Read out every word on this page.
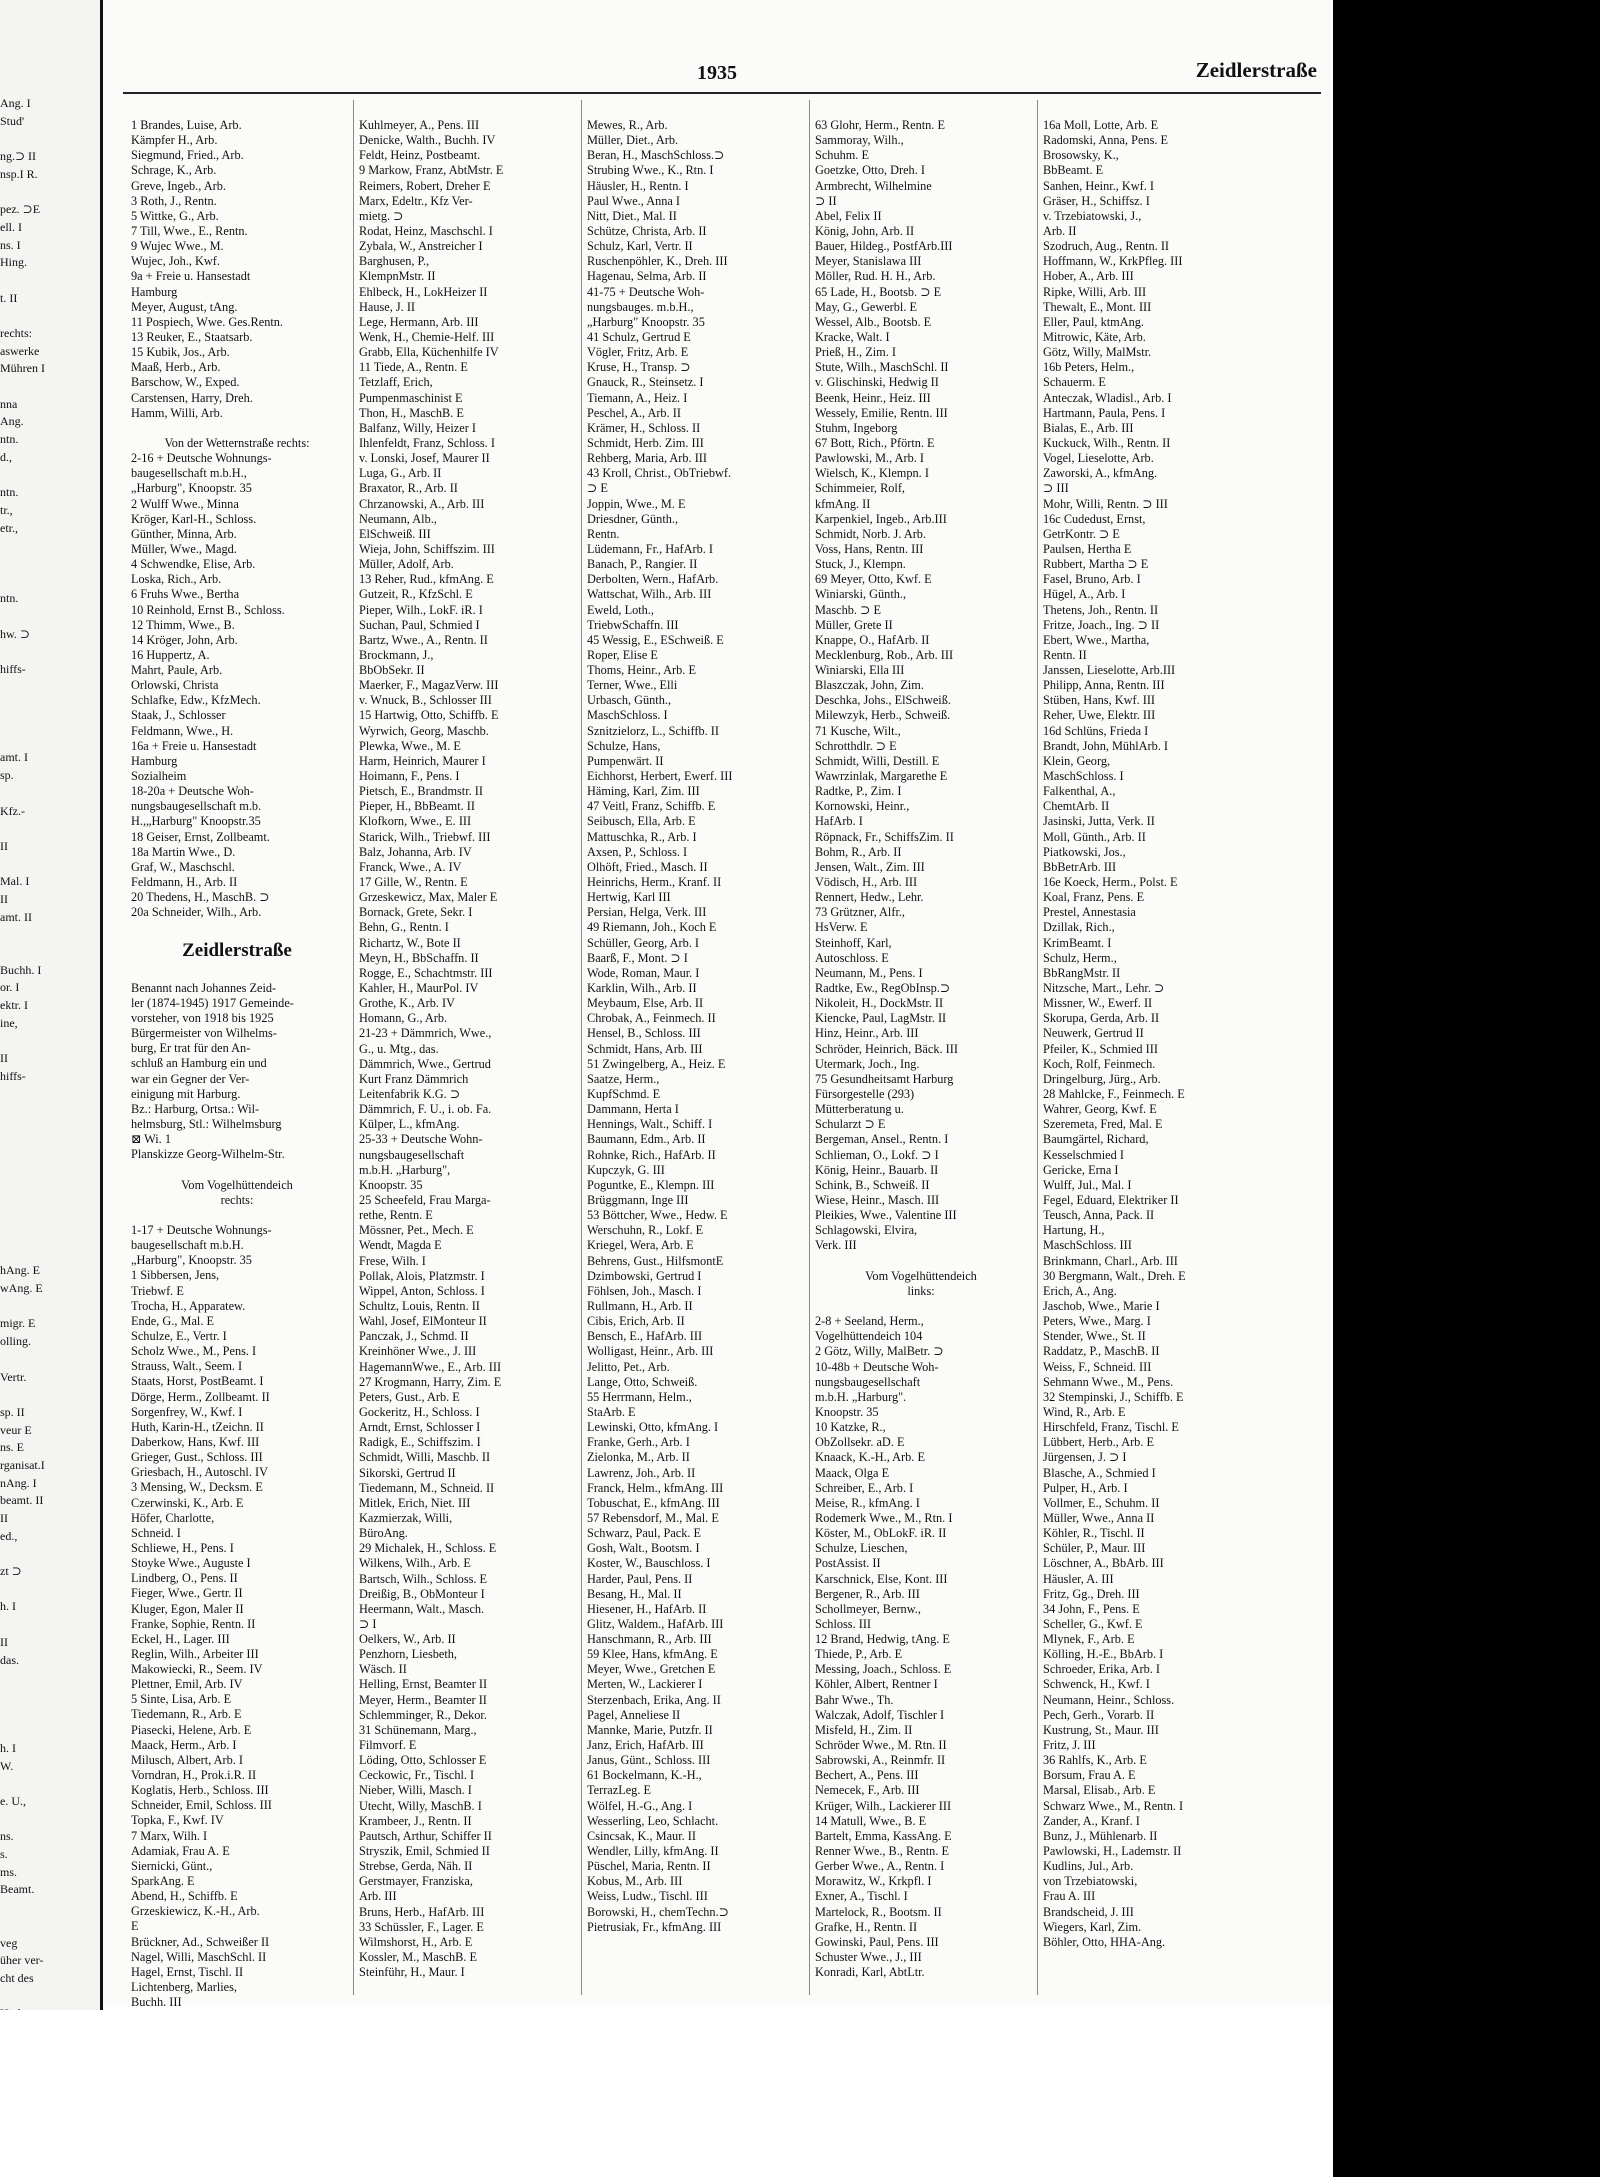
Ang. I
Stud'
ng.⊃ II
nsp.I R.
pez. ⊃E
ell. I
ns. I
Hing.
t. II
rechts:
aswerke
Mühren I
nna
Ang.
ntn.
d.,
ntn.
tr.,
etr.,
ntn.
hw. ⊃
hiffs-
amt. I
sp.
Kfz.-
II
Mal. I
II
amt. II
Buchh. I
or. I
ektr. I
ine,
II
hiffs-
hAng. E
wAng. E
migr. E
olling.
Vertr.
sp. II
veur E
ns. E
rganisat.I
nAng. I
beamt. II
II
ed.,
zt ⊃
h. I
II
das.
h. I
W.
e. U.,
ns.
s.
ms.
Beamt.
veg
üher ver-
cht des
1935	Zeidlerstraße
1 Brandes, Luise, Arb.
Kämpfer H., Arb.
Siegmund, Fried., Arb.
Schrage, K., Arb.
Greve, Ingeb., Arb.
3 Roth, J., Rentn.
5 Wittke, G., Arb.
7 Till, Wwe., E., Rentn.
9 Wujec Wwe., M.
Wujec, Joh., Kwf.
9a + Freie u. Hansestadt
Hamburg
Meyer, August, tAng.
11 Pospiech, Wwe. Ges.Rentn.
13 Reuker, E., Staatsarb.
15 Kubik, Jos., Arb.
Maaß, Herb., Arb.
Barschow, W., Exped.
Carstensen, Harry, Dreh.
Hamm, Willi, Arb.
Von der Wetternstraße rechts:
2-16 + Deutsche Wohnungs-
baugesellschaft m.b.H.,
„Harburg", Knoopstr. 35
2 Wulff Wwe., Minna
Kröger, Karl-H., Schloss.
Günther, Minna, Arb.
Müller, Wwe., Magd.
4 Schwendke, Elise, Arb.
Loska, Rich., Arb.
6 Fruhs Wwe., Bertha
10 Reinhold, Ernst B., Schloss.
12 Thimm, Wwe., B.
14 Kröger, John, Arb.
16 Huppertz, A.
Mahrt, Paule, Arb.
Orlowski, Christa
Schlafke, Edw., KfzMech.
Staak, J., Schlosser
Feldmann, Wwe., H.
16a + Freie u. Hansestadt
Hamburg
Sozialheim
18-20a + Deutsche Woh-
nungsbaugesellschaft m.b.
H.,„Harburg" Knoopstr.35
18 Geiser, Ernst, Zollbeamt.
18a Martin Wwe., D.
Graf, W., Maschschl.
Feldmann, H., Arb. II
20 Thedens, H., MaschB. ⊃
20a Schneider, Wilh., Arb.
Zeidlerstraße
Benannt nach Johannes Zeid-
ler (1874-1945) 1917 Gemeinde-
vorsteher, von 1918 bis 1925
Bürgermeister von Wilhelms-
burg, Er trat für den An-
schluß an Hamburg ein und
war ein Gegner der Ver-
einigung mit Harburg.
Bz.: Harburg, Ortsa.: Wil-
helmsburg, Stl.: Wilhelmsburg
⊠ Wi. 1
Planskizze Georg-Wilhelm-Str.
Vom Vogelhüttendeich
rechts:
1-17 + Deutsche Wohnungs-
baugesellschaft m.b.H.
„Harburg", Knoopstr. 35
1 Sibbersen, Jens,
Triebwf. E
Trocha, H., Apparatew.
Ende, G., Mal. E
Schulze, E., Vertr. I
Scholz Wwe., M., Pens. I
Strauss, Walt., Seem. I
Staats, Horst, PostBeamt. I
Dörge, Herm., Zollbeamt. II
Sorgenfrey, W., Kwf. I
Huth, Karin-H., tZeichn. II
Daberkow, Hans, Kwf. III
Grieger, Gust., Schloss. III
Griesbach, H., Autoschl. IV
3 Mensing, W., Decksm. E
Czerwinski, K., Arb. E
Höfer, Charlotte,
Schneid. I
Schliewe, H., Pens. I
Stoyke Wwe., Auguste I
Lindberg, O., Pens. II
Fieger, Wwe., Gertr. II
Kluger, Egon, Maler II
Franke, Sophie, Rentn. II
Eckel, H., Lager. III
Reglin, Wilh., Arbeiter III
Makowiecki, R., Seem. IV
Plettner, Emil, Arb. IV
5 Sinte, Lisa, Arb. E
Tiedemann, R., Arb. E
Piasecki, Helene, Arb. E
Maack, Herm., Arb. I
Milusch, Albert, Arb. I
Vorndran, H., Prok.i.R. II
Koglatis, Herb., Schloss. III
Schneider, Emil, Schloss. III
Topka, F., Kwf. IV
7 Marx, Wilh. I
Adamiak, Frau A. E
Siernicki, Günt.,
SparkAng. E
Abend, H., Schiffb. E
Grzeskiewicz, K.-H., Arb.
E
Brückner, Ad., Schweißer II
Nagel, Willi, MaschSchl. II
Hagel, Ernst, Tischl. II
Lichtenberg, Marlies,
Buchh. III
Kuhlmeyer, A., Pens. III
Denicke, Walth., Buchh. IV
Feldt, Heinz, Postbeamt.
9 Markow, Franz, AbtMstr. E
Reimers, Robert, Dreher E
Marx, Edeltr., Kfz Ver-
mietg. ⊃
Rodat, Heinz, Maschschl. I
Zybala, W., Anstreicher I
Barghusen, P.,
KlempnMstr. II
Ehlbeck, H., LokHeizer II
Hause, J. II
Lege, Hermann, Arb. III
Wenk, H., Chemie-Helf. III
Grabb, Ella, Küchenhilfe IV
11 Tiede, A., Rentn. E
Tetzlaff, Erich,
Pumpenmaschinist E
Thon, H., MaschB. E
Balfanz, Willy, Heizer I
Ihlenfeldt, Franz, Schloss. I
v. Lonski, Josef, Maurer II
Luga, G., Arb. II
Braxator, R., Arb. II
Chrzanowski, A., Arb. III
Neumann, Alb.,
ElSchweiß. III
Wieja, John, Schiffszim. III
Müller, Adolf, Arb.
13 Reher, Rud., kfmAng. E
Gutzeit, R., KfzSchl. E
Pieper, Wilh., LokF. iR. I
Suchan, Paul, Schmied I
Bartz, Wwe., A., Rentn. II
Brockmann, J.,
BbObSekr. II
Maerker, F., MagazVerw. III
v. Wnuck, B., Schlosser III
15 Hartwig, Otto, Schiffb. E
Wyrwich, Georg, Maschb.
Plewka, Wwe., M. E
Harm, Heinrich, Maurer I
Hoimann, F., Pens. I
Pietsch, E., Brandmstr. II
Pieper, H., BbBeamt. II
Klofkorn, Wwe., E. III
Starick, Wilh., Triebwf. III
Balz, Johanna, Arb. IV
Franck, Wwe., A. IV
17 Gille, W., Rentn. E
Grzeskewicz, Max, Maler E
Bornack, Grete, Sekr. I
Behn, G., Rentn. I
Richartz, W., Bote II
Meyn, H., BbSchaffn. II
Rogge, E., Schachtmstr. III
Kahler, H., MaurPol. IV
Grothe, K., Arb. IV
Homann, G., Arb.
21-23 + Dämmrich, Wwe.,
G., u. Mtg., das.
Dämmrich, Wwe., Gertrud
Kurt Franz Dämmrich
Leitenfabrik K.G. ⊃
Dämmrich, F. U., i. ob. Fa.
Külper, L., kfmAng.
25-33 + Deutsche Wohn-
nungsbaugesellschaft
m.b.H. „Harburg",
Knoopstr. 35
25 Scheefeld, Frau Marga-
rethe, Rentn. E
Mössner, Pet., Mech. E
Wendt, Magda E
Frese, Wilh. I
Pollak, Alois, Platzmstr. I
Wippel, Anton, Schloss. I
Schultz, Louis, Rentn. II
Wahl, Josef, ElMonteur II
Panczak, J., Schmd. II
Kreinhöner Wwe., J. III
HagemannWwe., E., Arb. III
27 Krogmann, Harry, Zim. E
Peters, Gust., Arb. E
Gockeritz, H., Schloss. I
Arndt, Ernst, Schlosser I
Radigk, E., Schiffszim. I
Schmidt, Willi, Maschb. II
Sikorski, Gertrud II
Tiedemann, M., Schneid. II
Mitlek, Erich, Niet. III
Kazmierzak, Willi,
BüroAng.
29 Michalek, H., Schloss. E
Wilkens, Wilh., Arb. E
Bartsch, Wilh., Schloss. E
Dreißig, B., ObMonteur I
Heermann, Walt., Masch.
⊃ I
Oelkers, W., Arb. II
Penzhorn, Liesbeth,
Wäsch. II
Helling, Ernst, Beamter II
Meyer, Herm., Beamter II
Schlemminger, R., Dekor.
31 Schünemann, Marg.,
Filmvorf. E
Löding, Otto, Schlosser E
Ceckowic, Fr., Tischl. I
Nieber, Willi, Masch. I
Utecht, Willy, MaschB. I
Krambeer, J., Rentn. II
Pautsch, Arthur, Schiffer II
Stryszik, Emil, Schmied II
Strebse, Gerda, Näh. II
Gerstmayer, Franziska,
Arb. III
Bruns, Herb., HafArb. III
33 Schüssler, F., Lager. E
Wilmshorst, H., Arb. E
Kossler, M., MaschB. E
Steinführ, H., Maur. I
Mewes, R., Arb.
Müller, Diet., Arb.
Beran, H., MaschSchloss.⊃
Strubing Wwe., K., Rtn. I
Häusler, H., Rentn. I
Paul Wwe., Anna I
Nitt, Diet., Mal. II
Schütze, Christa, Arb. II
Schulz, Karl, Vertr. II
Ruschenpöhler, K., Dreh. III
Hagenau, Selma, Arb. II
41-75 + Deutsche Woh-
nungsbauges. m.b.H.,
„Harburg" Knoopstr. 35
41 Schulz, Gertrud E
Vögler, Fritz, Arb. E
Kruse, H., Transp. ⊃
Gnauck, R., Steinsetz. I
Tiemann, A., Heiz. I
Peschel, A., Arb. II
Krämer, H., Schloss. II
Schmidt, Herb. Zim. III
Rehberg, Maria, Arb. III
43 Kroll, Christ., ObTriebwf.
⊃ E
Joppin, Wwe., M. E
Driesdner, Günth.,
Rentn.
Lüdemann, Fr., HafArb. I
Banach, P., Rangier. II
Derbolten, Wern., HafArb.
Wattschat, Wilh., Arb. III
Eweld, Loth.,
TriebwSchaffn. III
45 Wessig, E., ESchweiß. E
Roper, Elise E
Thoms, Heinr., Arb. E
Terner, Wwe., Elli
Urbasch, Günth.,
MaschSchloss. I
Sznitzielorz, L., Schiffb. II
Schulze, Hans,
Pumpenwärt. II
Eichhorst, Herbert, Ewerf. III
Häming, Karl, Zim. III
47 Veitl, Franz, Schiffb. E
Seibusch, Ella, Arb. E
Mattuschka, R., Arb. I
Axsen, P., Schloss. I
Olhöft, Fried., Masch. II
Heinrichs, Herm., Kranf. II
Hertwig, Karl III
Persian, Helga, Verk. III
49 Riemann, Joh., Koch E
Schüller, Georg, Arb. I
Baarß, F., Mont. ⊃ I
Wode, Roman, Maur. I
Karklin, Wilh., Arb. II
Meybaum, Else, Arb. II
Chrobak, A., Feinmech. II
Hensel, B., Schloss. III
Schmidt, Hans, Arb. III
51 Zwingelberg, A., Heiz. E
Saatze, Herm.,
KupfSchmd. E
Dammann, Herta I
Hennings, Walt., Schiff. I
Baumann, Edm., Arb. II
Rohnke, Rich., HafArb. II
Kupczyk, G. III
Poguntke, E., Klempn. III
Brüggmann, Inge III
53 Böttcher, Wwe., Hedw. E
Werschuhn, R., Lokf. E
Kriegel, Wera, Arb. E
Behrens, Gust., HilfsmontE
Dzimbowski, Gertrud I
Föhlsen, Joh., Masch. I
Rullmann, H., Arb. II
Cibis, Erich, Arb. II
Bensch, E., HafArb. III
Wolligast, Heinr., Arb. III
Jelitto, Pet., Arb.
Lange, Otto, Schweiß.
55 Herrmann, Helm.,
StaArb. E
Lewinski, Otto, kfmAng. I
Franke, Gerh., Arb. I
Zielonka, M., Arb. II
Lawrenz, Joh., Arb. II
Franck, Helm., kfmAng. III
Tobuschat, E., kfmAng. III
57 Rebensdorf, M., Mal. E
Schwarz, Paul, Pack. E
Gosh, Walt., Bootsm. I
Koster, W., Bauschloss. I
Harder, Paul, Pens. II
Besang, H., Mal. II
Hiesener, H., HafArb. II
Glitz, Waldem., HafArb. III
Hanschmann, R., Arb. III
59 Klee, Hans, kfmAng. E
Meyer, Wwe., Gretchen E
Merten, W., Lackierer I
Sterzenbach, Erika, Ang. II
Pagel, Anneliese II
Mannke, Marie, Putzfr. II
Janz, Erich, HafArb. III
Janus, Günt., Schloss. III
61 Bockelmann, K.-H.,
TerrazLeg. E
Wölfel, H.-G., Ang. I
Wesserling, Leo, Schlacht.
Csincsak, K., Maur. II
Wendler, Lilly, kfmAng. II
Püschel, Maria, Rentn. II
Kobus, M., Arb. III
Weiss, Ludw., Tischl. III
Borowski, H., chemTechn.⊃
Pietrusiak, Fr., kfmAng. III
63 Glohr, Herm., Rentn. E
Sammoray, Wilh.,
Schuhm. E
Goetzke, Otto, Dreh. I
Armbrecht, Wilhelmine
⊃ II
Abel, Felix II
König, John, Arb. II
Bauer, Hildeg., PostfArb.III
Meyer, Stanislawa III
Möller, Rud. H. H., Arb.
65 Lade, H., Bootsb. ⊃ E
May, G., Gewerbl. E
Wessel, Alb., Bootsb. E
Kracke, Walt. I
Prieß, H., Zim. I
Stute, Wilh., MaschSchl. II
v. Glischinski, Hedwig II
Beenk, Heinr., Heiz. III
Wessely, Emilie, Rentn. III
Stuhm, Ingeborg
67 Bott, Rich., Pförtn. E
Pawlowski, M., Arb. I
Wielsch, K., Klempn. I
Schimmeier, Rolf,
kfmAng. II
Karpenkiel, Ingeb., Arb.III
Schmidt, Norb. J. Arb.
Voss, Hans, Rentn. III
Stuck, J., Klempn.
69 Meyer, Otto, Kwf. E
Winiarski, Günth.,
Maschb. ⊃ E
Müller, Grete II
Knappe, O., HafArb. II
Mecklenburg, Rob., Arb. III
Winiarski, Ella III
Blaszczak, John, Zim.
Deschka, Johs., ElSchweiß.
Milewzyk, Herb., Schweiß.
71 Kusche, Wilt.,
Schrotthdlr. ⊃ E
Schmidt, Willi, Destill. E
Wawrzinlak, Margarethe E
Radtke, P., Zim. I
Kornowski, Heinr.,
HafArb. I
Röpnack, Fr., SchiffsZim. II
Bohm, R., Arb. II
Jensen, Walt., Zim. III
Vödisch, H., Arb. III
Rennert, Hedw., Lehr.
73 Grützner, Alfr.,
HsVerw. E
Steinhoff, Karl,
Autoschloss. E
Neumann, M., Pens. I
Radtke, Ew., RegObInsp.⊃
Nikoleit, H., DockMstr. II
Kiencke, Paul, LagMstr. II
Hinz, Heinr., Arb. III
Schröder, Heinrich, Bäck. III
Utermark, Joch., Ing.
75 Gesundheitsamt Harburg
Fürsorgestelle (293)
Mütterberatung u.
Schularzt ⊃ E
Bergeman, Ansel., Rentn. I
Schlieman, O., Lokf. ⊃ I
König, Heinr., Bauarb. II
Schink, B., Schweiß. II
Wiese, Heinr., Masch. III
Pleikies, Wwe., Valentine III
Schlagowski, Elvira,
Verk. III
Vom Vogelhüttendeich
links:
2-8 + Seeland, Herm.,
Vogelhüttendeich 104
2 Götz, Willy, MalBetr. ⊃
10-48b + Deutsche Woh-
nungsbaugesellschaft
m.b.H. „Harburg".
Knoopstr. 35
10 Katzke, R.,
ObZollsekr. aD. E
Knaack, K.-H., Arb. E
Maack, Olga E
Schreiber, E., Arb. I
Meise, R., kfmAng. I
Rodemerk Wwe., M., Rtn. I
Köster, M., ObLokF. iR. II
Schulze, Lieschen,
PostAssist. II
Karschnick, Else, Kont. III
Bergener, R., Arb. III
Schollmeyer, Bernw.,
Schloss. III
12 Brand, Hedwig, tAng. E
Thiede, P., Arb. E
Messing, Joach., Schloss. E
Köhler, Albert, Rentner I
Bahr Wwe., Th.
Walczak, Adolf, Tischler I
Misfeld, H., Zim. II
Schröder Wwe., M. Rtn. II
Sabrowski, A., Reinmfr. II
Bechert, A., Pens. III
Nemecek, F., Arb. III
Krüger, Wilh., Lackierer III
14 Matull, Wwe., B. E
Bartelt, Emma, KassAng. E
Renner Wwe., B., Rentn. E
Gerber Wwe., A., Rentn. I
Morawitz, W., Krkpfl. I
Exner, A., Tischl. I
Martelock, R., Bootsm. II
Grafke, H., Rentn. II
Gowinski, Paul, Pens. III
Schuster Wwe., J., III
Konradi, Karl, AbtLtr.
16a Moll, Lotte, Arb. E
Radomski, Anna, Pens. E
Brosowsky, K.,
BbBeamt. E
Sanhen, Heinr., Kwf. I
Gräser, H., Schiffsz. I
v. Trzebiatowski, J.,
Arb. II
Szodruch, Aug., Rentn. II
Hoffmann, W., KrkPfleg. III
Hober, A., Arb. III
Ripke, Willi, Arb. III
Thewalt, E., Mont. III
Eller, Paul, ktmAng.
Mitrowic, Käte, Arb.
Götz, Willy, MalMstr.
16b Peters, Helm.,
Schauerm. E
Anteczak, Wladisl., Arb. I
Hartmann, Paula, Pens. I
Bialas, E., Arb. III
Kuckuck, Wilh., Rentn. II
Vogel, Lieselotte, Arb.
Zaworski, A., kfmAng.
⊃ III
Mohr, Willi, Rentn. ⊃ III
16c Cudedust, Ernst,
GetrKontr. ⊃ E
Paulsen, Hertha E
Rubbert, Martha ⊃ E
Fasel, Bruno, Arb. I
Hügel, A., Arb. I
Thetens, Joh., Rentn. II
Fritze, Joach., Ing. ⊃ II
Ebert, Wwe., Martha,
Rentn. II
Janssen, Lieselotte, Arb.III
Philipp, Anna, Rentn. III
Stüben, Hans, Kwf. III
Reher, Uwe, Elektr. III
16d Schlüns, Frieda I
Brandt, John, MühlArb. I
Klein, Georg,
MaschSchloss. I
Falkenthal, A.,
ChemtArb. II
Jasinski, Jutta, Verk. II
Moll, Günth., Arb. II
Piatkowski, Jos.,
BbBetrArb. III
16e Koeck, Herm., Polst. E
Koal, Franz, Pens. E
Prestel, Annestasia
Dzillak, Rich.,
KrimBeamt. I
Schulz, Herm.,
BbRangMstr. II
Nitzsche, Mart., Lehr. ⊃
Missner, W., Ewerf. II
Skorupa, Gerda, Arb. II
Neuwerk, Gertrud II
Pfeiler, K., Schmied III
Koch, Rolf, Feinmech.
Dringelburg, Jürg., Arb.
28 Mahlcke, F., Feinmech. E
Wahrer, Georg, Kwf. E
Szeremeta, Fred, Mal. E
Baumgärtel, Richard,
Kesselschmied I
Gericke, Erna I
Wulff, Jul., Mal. I
Fegel, Eduard, Elektriker II
Teusch, Anna, Pack. II
Hartung, H.,
MaschSchloss. III
Brinkmann, Charl., Arb. III
30 Bergmann, Walt., Dreh. E
Erich, A., Ang.
Jaschob, Wwe., Marie I
Peters, Wwe., Marg. I
Stender, Wwe., St. II
Raddatz, P., MaschB. II
Weiss, F., Schneid. III
Sehmann Wwe., M., Pens.
32 Stempinski, J., Schiffb. E
Wind, R., Arb. E
Hirschfeld, Franz, Tischl. E
Lübbert, Herb., Arb. E
Jürgensen, J. ⊃ I
Blasche, A., Schmied I
Pulper, H., Arb. I
Vollmer, E., Schuhm. II
Müller, Wwe., Anna II
Köhler, R., Tischl. II
Schüler, P., Maur. III
Löschner, A., BbArb. III
Häusler, A. III
Fritz, Gg., Dreh. III
34 John, F., Pens. E
Scheller, G., Kwf. E
Mlynek, F., Arb. E
Kölling, H.-E., BbArb. I
Schroeder, Erika, Arb. I
Schwenck, H., Kwf. I
Neumann, Heinr., Schloss.
Pech, Gerh., Vorarb. II
Kustrung, St., Maur. III
Fritz, J. III
36 Rahlfs, K., Arb. E
Borsum, Frau A. E
Marsal, Elisab., Arb. E
Schwarz Wwe., M., Rentn. I
Zander, A., Kranf. I
Bunz, J., Mühlenarb. II
Pawlowski, H., Lademstr. II
Kudlins, Jul., Arb.
von Trzebiatowski,
Frau A. III
Brandscheid, J. III
Wiegers, Karl, Zim.
Böhler, Otto, HHA-Ang.
